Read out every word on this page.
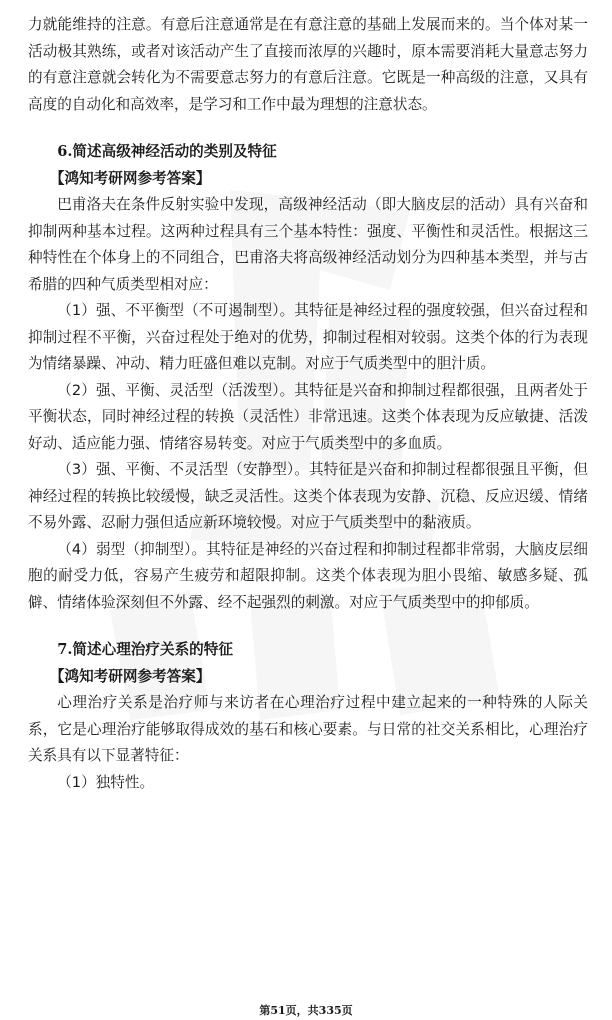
力就能维持的注意。有意后注意通常是在有意注意的基础上发展而来的。当个体对某一活动极其熟练，或者对该活动产生了直接而浓厚的兴趣时，原本需要消耗大量意志努力的有意注意就会转化为不需要意志努力的有意后注意。它既是一种高级的注意，又具有高度的自动化和高效率，是学习和工作中最为理想的注意状态。

6.简述高级神经活动的类别及特征

【鸿知考研网参考答案】

巴甫洛夫在条件反射实验中发现，高级神经活动（即大脑皮层的活动）具有兴奋和抑制两种基本过程。这两种过程具有三个基本特性：强度、平衡性和灵活性。根据这三种特性在个体身上的不同组合，巴甫洛夫将高级神经活动划分为四种基本类型，并与古希腊的四种气质类型相对应：

（1）强、不平衡型（不可遏制型）。其特征是神经过程的强度较强，但兴奋过程和抑制过程不平衡，兴奋过程处于绝对的优势，抑制过程相对较弱。这类个体的行为表现为情绪暴躁、冲动、精力旺盛但难以克制。对应于气质类型中的胆汁质。

（2）强、平衡、灵活型（活泼型）。其特征是兴奋和抑制过程都很强，且两者处于平衡状态，同时神经过程的转换（灵活性）非常迅速。这类个体表现为反应敏捷、活泼好动、适应能力强、情绪容易转变。对应于气质类型中的多血质。

（3）强、平衡、不灵活型（安静型）。其特征是兴奋和抑制过程都很强且平衡，但神经过程的转换比较缓慢，缺乏灵活性。这类个体表现为安静、沉稳、反应迟缓、情绪不易外露、忍耐力强但适应新环境较慢。对应于气质类型中的黏液质。

（4）弱型（抑制型）。其特征是神经的兴奋过程和抑制过程都非常弱，大脑皮层细胞的耐受力低，容易产生疲劳和超限抑制。这类个体表现为胆小畏缩、敏感多疑、孤僻、情绪体验深刻但不外露、经不起强烈的刺激。对应于气质类型中的抑郁质。

7.简述心理治疗关系的特征

【鸿知考研网参考答案】

心理治疗关系是治疗师与来访者在心理治疗过程中建立起来的一种特殊的人际关系，它是心理治疗能够取得成效的基石和核心要素。与日常的社交关系相比，心理治疗关系具有以下显著特征：

（1）独特性。

第51页，共335页
